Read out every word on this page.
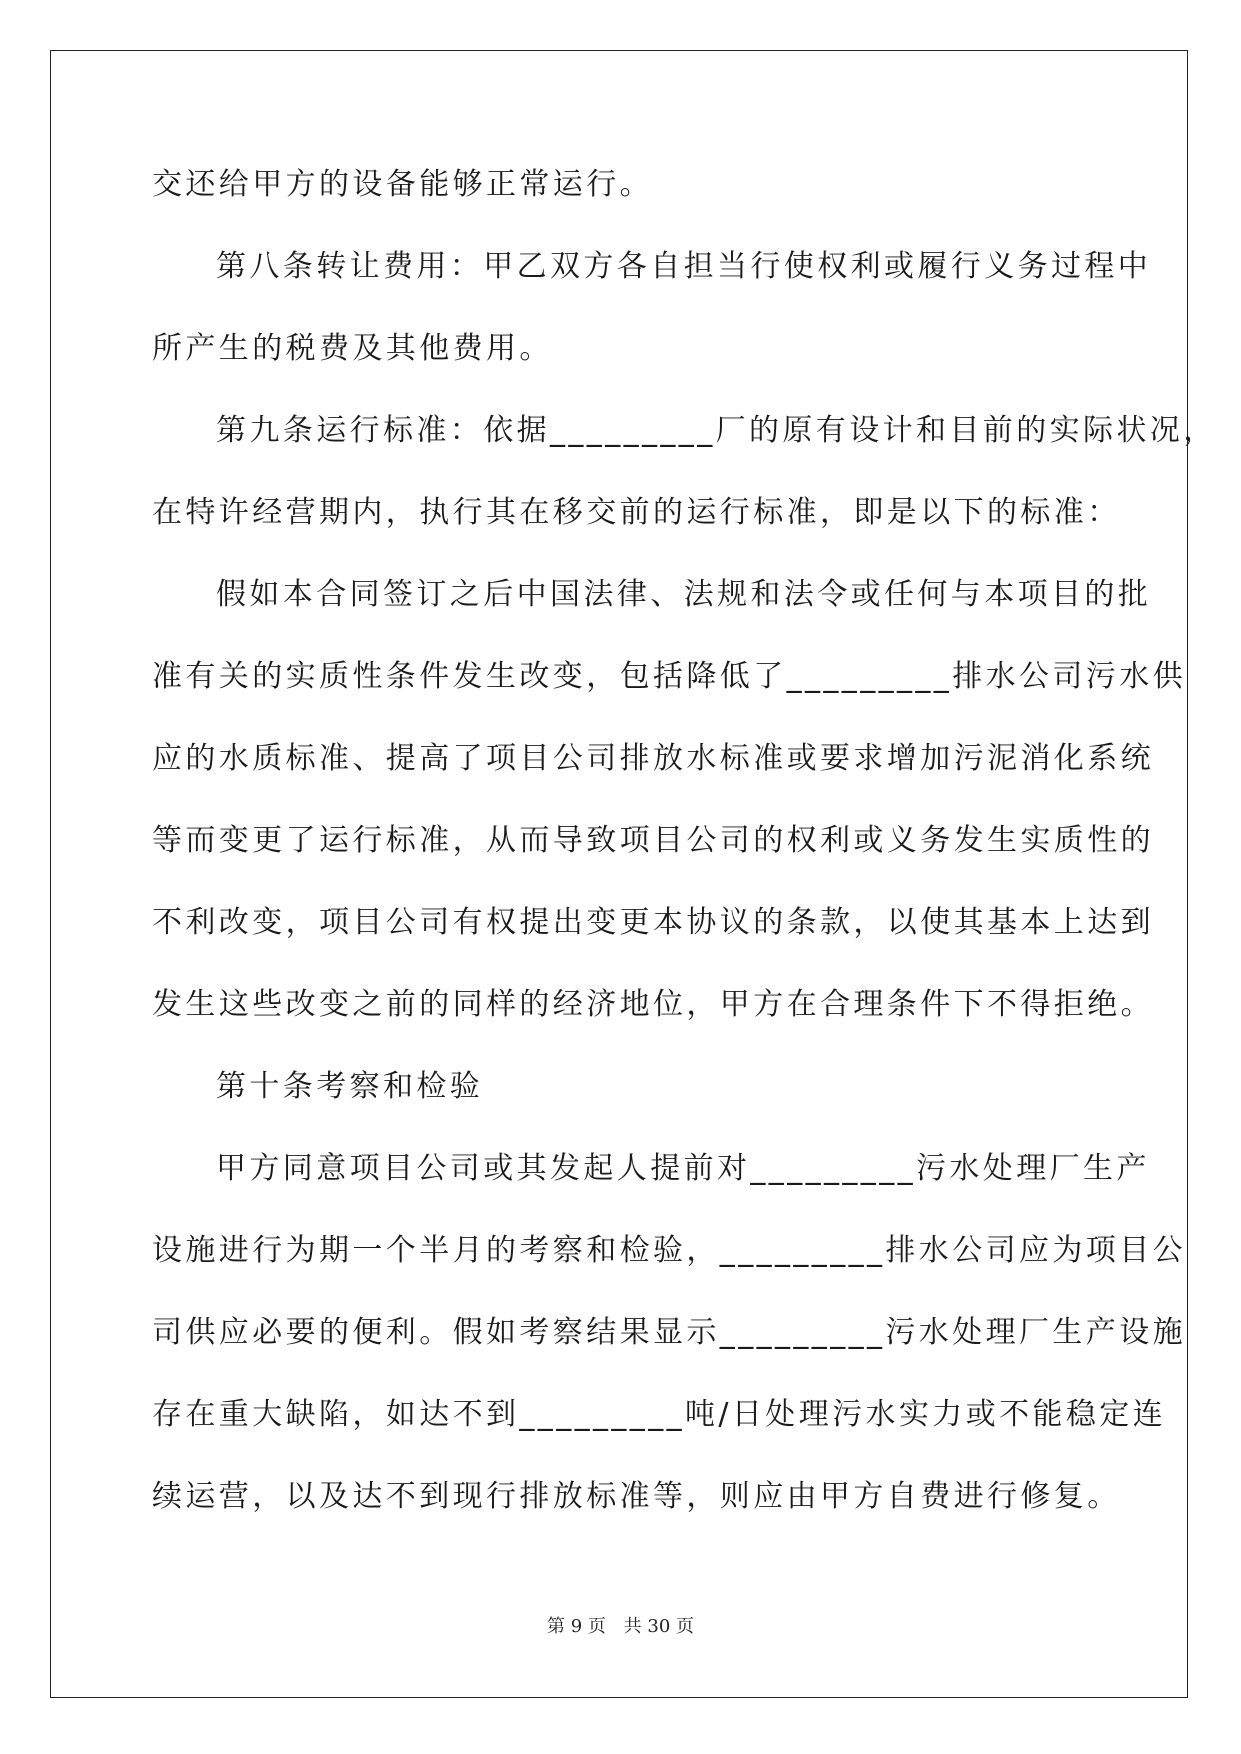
交还给甲方的设备能够正常运行。
第八条转让费用：甲乙双方各自担当行使权利或履行义务过程中
所产生的税费及其他费用。
第九条运行标准：依据_________厂的原有设计和目前的实际状况，
在特许经营期内，执行其在移交前的运行标准，即是以下的标准：
假如本合同签订之后中国法律、法规和法令或任何与本项目的批
准有关的实质性条件发生改变，包括降低了_________排水公司污水供
应的水质标准、提高了项目公司排放水标准或要求增加污泥消化系统
等而变更了运行标准，从而导致项目公司的权利或义务发生实质性的
不利改变，项目公司有权提出变更本协议的条款，以使其基本上达到
发生这些改变之前的同样的经济地位，甲方在合理条件下不得拒绝。
第十条考察和检验
甲方同意项目公司或其发起人提前对_________污水处理厂生产
设施进行为期一个半月的考察和检验，_________排水公司应为项目公
司供应必要的便利。假如考察结果显示_________污水处理厂生产设施
存在重大缺陷，如达不到_________吨/日处理污水实力或不能稳定连
续运营，以及达不到现行排放标准等，则应由甲方自费进行修复。
第 9 页 共 30 页
